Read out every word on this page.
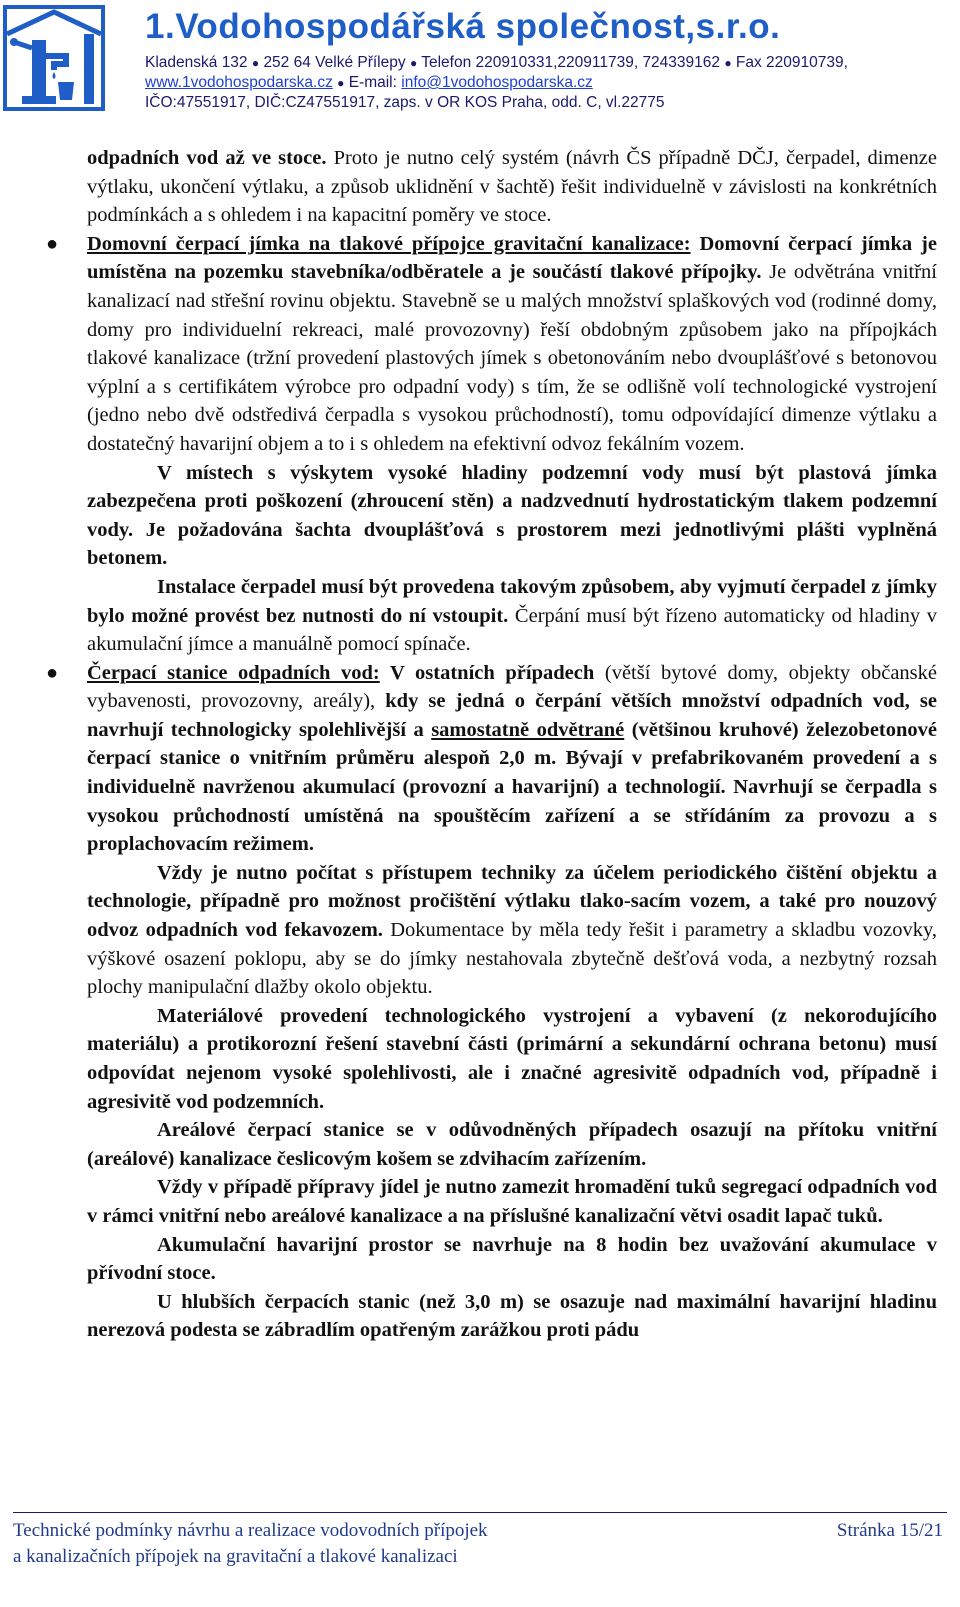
1.Vodohospodářská společnost,s.r.o.
Kladenská 132 ● 252 64 Velké Přílepy ● Telefon 220910331,220911739, 724339162 ● Fax 220910739,
www.1vodohospodarska.cz ● E-mail: info@1vodohospodarska.cz
IČO:47551917, DIČ:CZ47551917, zaps. v OR KOS Praha, odd. C, vl.22775

odpadních vod až ve stoce. Proto je nutno celý systém (návrh ČS případně DČJ, čerpadel, dimenze výtlaku, ukončení výtlaku, a způsob uklidnění v šachtě) řešit individuelně v závislosti na konkrétních podmínkách a s ohledem i na kapacitní poměry ve stoce.

● Domovní čerpací jímka na tlakové přípojce gravitační kanalizace: Domovní čerpací jímka je umístěna na pozemku stavebníka/odběratele a je součástí tlakové přípojky. Je odvětrána vnitřní kanalizací nad střešní rovinu objektu. Stavebně se u malých množství splaškových vod (rodinné domy, domy pro individuelní rekreaci, malé provozovny) řeší obdobným způsobem jako na přípojkách tlakové kanalizace (tržní provedení plastových jímek s obetonováním nebo dvouplášťové s betonovou výplní a s certifikátem výrobce pro odpadní vody) s tím, že se odlišně volí technologické vystrojení (jedno nebo dvě odstředivá čerpadla s vysokou průchodností), tomu odpovídající dimenze výtlaku a dostatečný havarijní objem a to i s ohledem na efektivní odvoz fekálním vozem.

V místech s výskytem vysoké hladiny podzemní vody musí být plastová jímka zabezpečena proti poškození (zhroucení stěn) a nadzvednutí hydrostatickým tlakem podzemní vody. Je požadována šachta dvouplášťová s prostorem mezi jednotlivými plášti vyplněná betonem.

Instalace čerpadel musí být provedena takovým způsobem, aby vyjmutí čerpadel z jímky bylo možné provést bez nutnosti do ní vstoupit. Čerpání musí být řízeno automaticky od hladiny v akumulační jímce a manuálně pomocí spínače.

● Čerpací stanice odpadních vod: V ostatních případech (větší bytové domy, objekty občanské vybavenosti, provozovny, areály), kdy se jedná o čerpání větších množství odpadních vod, se navrhují technologicky spolehlivější a samostatně odvětrané (většinou kruhové) železobetonové čerpací stanice o vnitřním průměru alespoň 2,0 m. Bývají v prefabrikovaném provedení a s individuelně navrženou akumulací (provozní a havarijní) a technologií. Navrhují se čerpadla s vysokou průchodností umístěná na spouštěcím zařízení a se střídáním za provozu a s proplachovacím režimem.

Vždy je nutno počítat s přístupem techniky za účelem periodického čištění objektu a technologie, případně pro možnost pročištění výtlaku tlako-sacím vozem, a také pro nouzový odvoz odpadních vod fekavozem. Dokumentace by měla tedy řešit i parametry a skladbu vozovky, výškové osazení poklopu, aby se do jímky nestahovala zbytečně dešťová voda, a nezbytný rozsah plochy manipulační dlažby okolo objektu.

Materiálové provedení technologického vystrojení a vybavení (z nekorodujícího materiálu) a protikorozní řešení stavební části (primární a sekundární ochrana betonu) musí odpovídat nejenom vysoké spolehlivosti, ale i značné agresivitě odpadních vod, případně i agresivitě vod podzemních.

Areálové čerpací stanice se v odůvodněných případech osazují na přítoku vnitřní (areálové) kanalizace česlicovým košem se zdvihacím zařízením.

Vždy v případě přípravy jídel je nutno zamezit hromadění tuků segregací odpadních vod v rámci vnitřní nebo areálové kanalizace a na příslušné kanalizační větvi osadit lapač tuků.

Akumulační havarijní prostor se navrhuje na 8 hodin bez uvažování akumulace v přívodní stoce.

U hlubších čerpacích stanic (než 3,0 m) se osazuje nad maximální havarijní hladinu nerezová podesta se zábradlím opatřeným zarážkou proti pádu

Technické podmínky návrhu a realizace vodovodních přípojek
a kanalizačních přípojek na gravitační a tlakové kanalizaci
Stránka 15/21
